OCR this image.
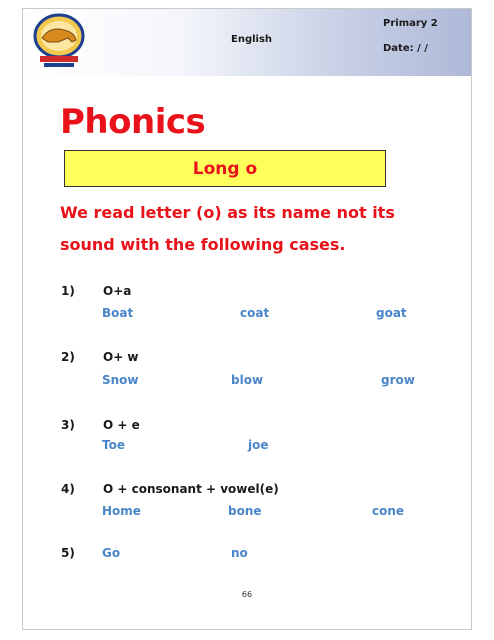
English
Primary 2
Date: / /
Phonics
Long o
We read letter (o) as its name not its
sound with the following cases.
1) O+a
Boat	coat	goat
2) O+ w
Snow	blow	grow
3) O + e
Toe	joe
4) O + consonant + vowel(e)
Home	bone	cone
5) Go	no
66
